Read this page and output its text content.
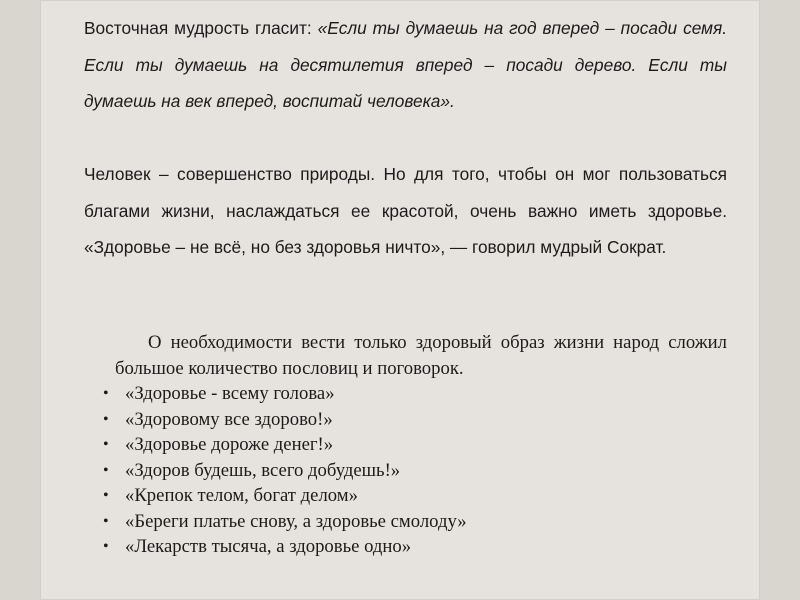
Восточная мудрость гласит: «Если ты думаешь на год вперед – посади семя. Если ты думаешь на десятилетия вперед – посади дерево. Если ты думаешь на век вперед, воспитай человека».

Человек – совершенство природы. Но для того, чтобы он мог пользоваться благами жизни, наслаждаться ее красотой, очень важно иметь здоровье. «Здоровье – не всё, но без здоровья ничто», — говорил мудрый Сократ.

О необходимости вести только здоровый образ жизни народ сложил большое количество пословиц и поговорок.

• «Здоровье - всему голова»
• «Здоровому все здорово!»
• «Здоровье дороже денег!»
• «Здоров будешь, всего добудешь!»
• «Крепок телом, богат делом»
• «Береги платье снову, а здоровье смолоду»
• «Лекарств тысяча, а здоровье одно»
